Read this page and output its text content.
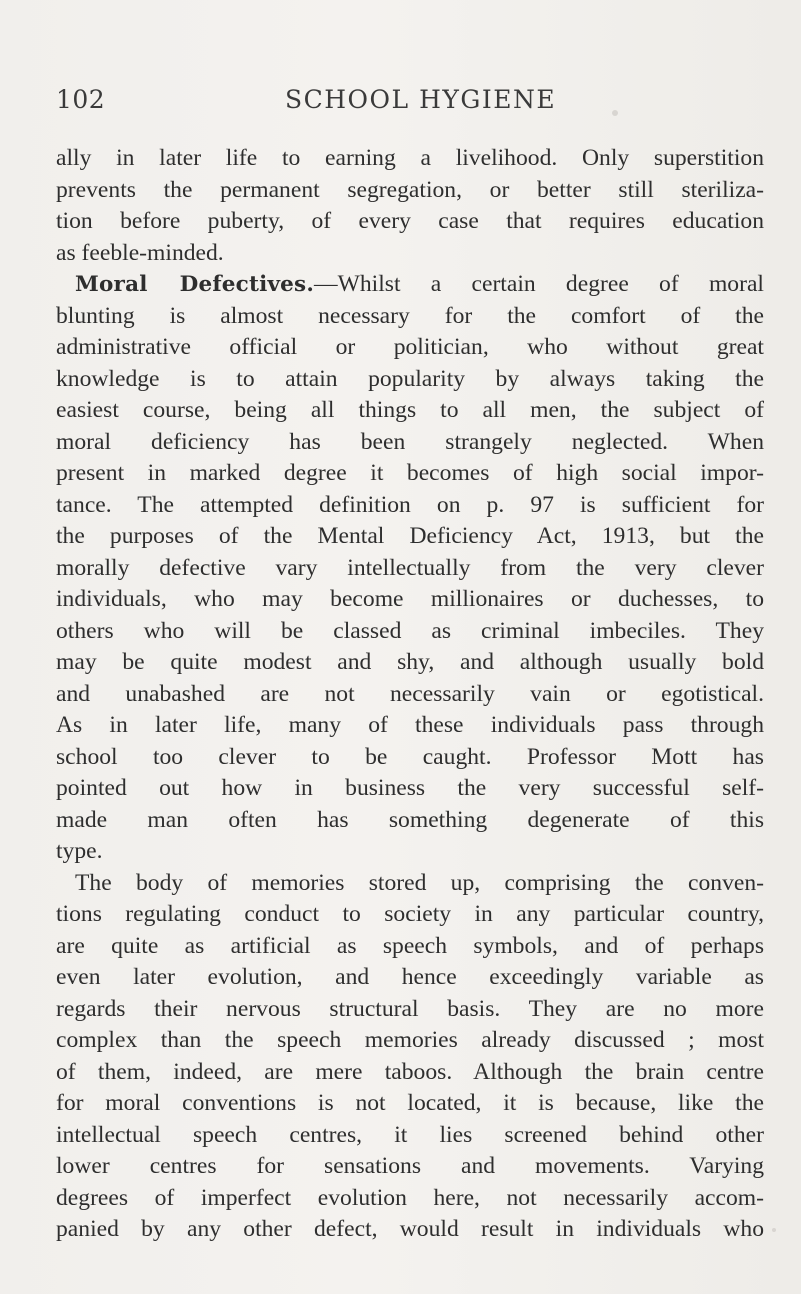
102	SCHOOL HYGIENE
ally in later life to earning a livelihood. Only superstition
prevents the permanent segregation, or better still steriliza-
tion before puberty, of every case that requires education
as feeble-minded.
Moral Defectives.—Whilst a certain degree of moral
blunting is almost necessary for the comfort of the
administrative official or politician, who without great
knowledge is to attain popularity by always taking the
easiest course, being all things to all men, the subject of
moral deficiency has been strangely neglected. When
present in marked degree it becomes of high social impor-
tance. The attempted definition on p. 97 is sufficient for
the purposes of the Mental Deficiency Act, 1913, but the
morally defective vary intellectually from the very clever
individuals, who may become millionaires or duchesses, to
others who will be classed as criminal imbeciles. They
may be quite modest and shy, and although usually bold
and unabashed are not necessarily vain or egotistical.
As in later life, many of these individuals pass through
school too clever to be caught. Professor Mott has
pointed out how in business the very successful self-
made man often has something degenerate of this
type.
The body of memories stored up, comprising the conven-
tions regulating conduct to society in any particular country,
are quite as artificial as speech symbols, and of perhaps
even later evolution, and hence exceedingly variable as
regards their nervous structural basis. They are no more
complex than the speech memories already discussed ; most
of them, indeed, are mere taboos. Although the brain centre
for moral conventions is not located, it is because, like the
intellectual speech centres, it lies screened behind other
lower centres for sensations and movements. Varying
degrees of imperfect evolution here, not necessarily accom-
panied by any other defect, would result in individuals who
